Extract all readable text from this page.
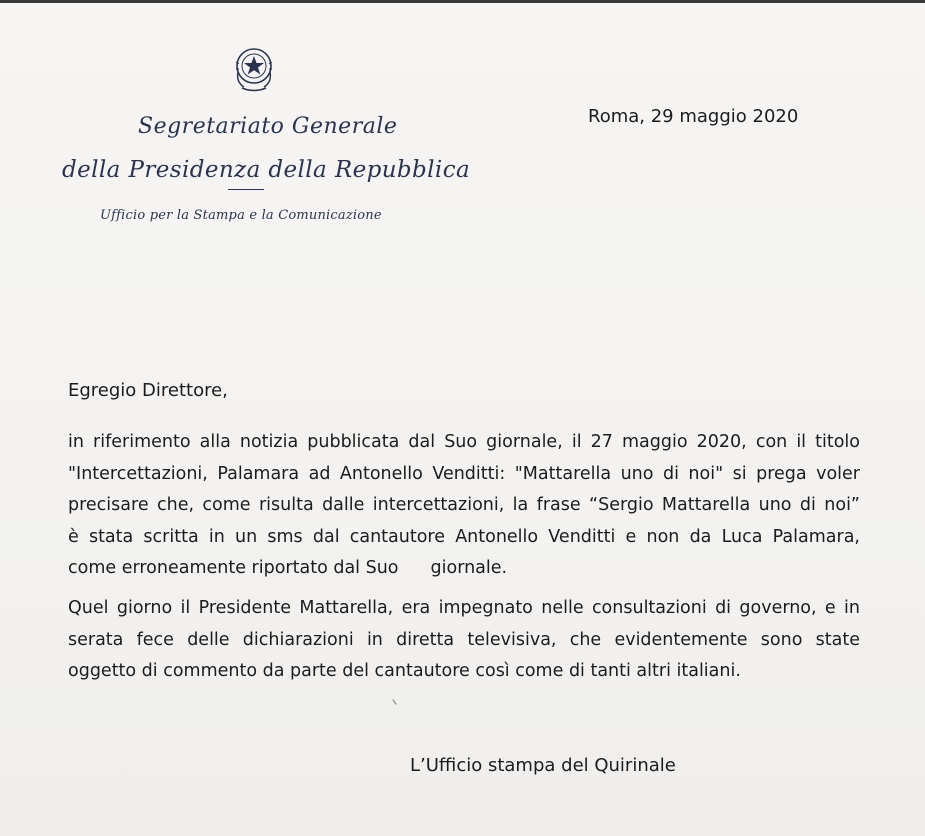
Segretariato Generale
della Presidenza della Repubblica
Ufficio per la Stampa e la Comunicazione
Roma, 29 maggio 2020
Egregio Direttore,
in riferimento alla notizia pubblicata dal Suo giornale, il 27 maggio 2020, con il titolo
"Intercettazioni, Palamara ad Antonello Venditti: "Mattarella uno di noi" si prega voler
precisare che, come risulta dalle intercettazioni, la frase “Sergio Mattarella uno di noi”
è stata scritta in un sms dal cantautore Antonello Venditti e non da Luca Palamara,
come erroneamente riportato dal Suo giornale.
Quel giorno il Presidente Mattarella, era impegnato nelle consultazioni di governo, e in
serata fece delle dichiarazioni in diretta televisiva, che evidentemente sono state
oggetto di commento da parte del cantautore così come di tanti altri italiani.
L’Ufficio stampa del Quirinale
